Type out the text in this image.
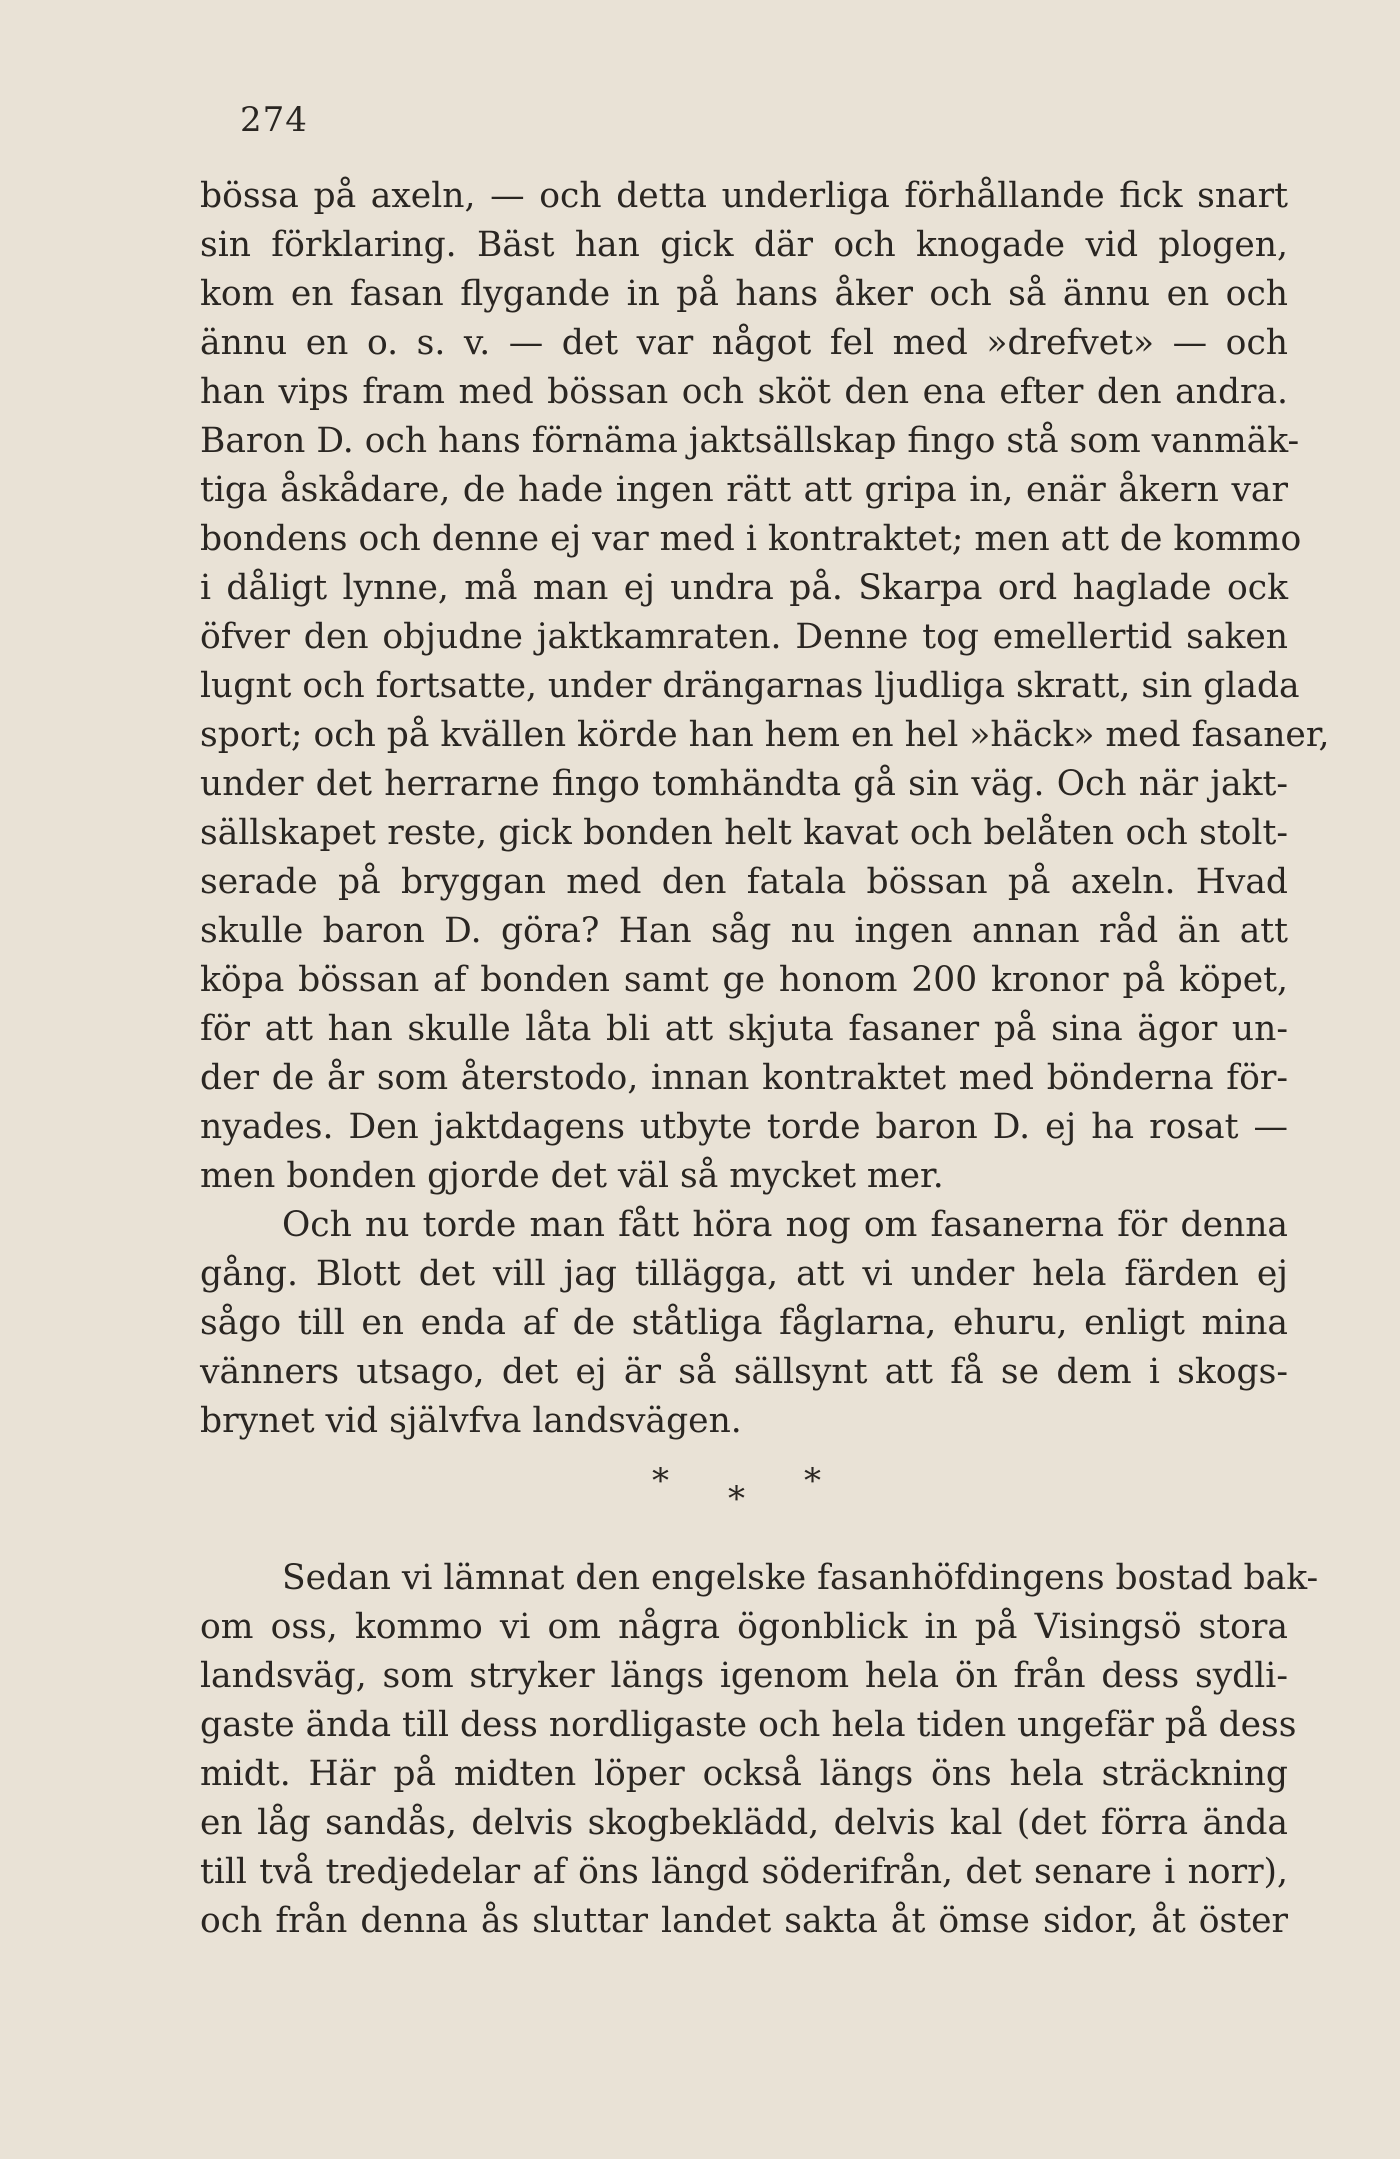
274
bössa på axeln, — och detta underliga förhållande fick snart
sin förklaring. Bäst han gick där och knogade vid plogen,
kom en fasan flygande in på hans åker och så ännu en och
ännu en o. s. v. — det var något fel med »drefvet» — och
han vips fram med bössan och sköt den ena efter den andra.
Baron D. och hans förnäma jaktsällskap fingo stå som vanmäk-
tiga åskådare, de hade ingen rätt att gripa in, enär åkern var
bondens och denne ej var med i kontraktet; men att de kommo
i dåligt lynne, må man ej undra på. Skarpa ord haglade ock
öfver den objudne jaktkamraten. Denne tog emellertid saken
lugnt och fortsatte, under drängarnas ljudliga skratt, sin glada
sport; och på kvällen körde han hem en hel »häck» med fasaner,
under det herrarne fingo tomhändta gå sin väg. Och när jakt-
sällskapet reste, gick bonden helt kavat och belåten och stolt-
serade på bryggan med den fatala bössan på axeln. Hvad
skulle baron D. göra? Han såg nu ingen annan råd än att
köpa bössan af bonden samt ge honom 200 kronor på köpet,
för att han skulle låta bli att skjuta fasaner på sina ägor un-
der de år som återstodo, innan kontraktet med bönderna för-
nyades. Den jaktdagens utbyte torde baron D. ej ha rosat —
men bonden gjorde det väl så mycket mer.
Och nu torde man fått höra nog om fasanerna för denna
gång. Blott det vill jag tillägga, att vi under hela färden ej
sågo till en enda af de ståtliga fåglarna, ehuru, enligt mina
vänners utsago, det ej är så sällsynt att få se dem i skogs-
brynet vid självfva landsvägen.
* * *
Sedan vi lämnat den engelske fasanhöfdingens bostad bak-
om oss, kommo vi om några ögonblick in på Visingsö stora
landsväg, som stryker längs igenom hela ön från dess sydli-
gaste ända till dess nordligaste och hela tiden ungefär på dess
midt. Här på midten löper också längs öns hela sträckning
en låg sandås, delvis skogbeklädd, delvis kal (det förra ända
till två tredjedelar af öns längd söderifrån, det senare i norr),
och från denna ås sluttar landet sakta åt ömse sidor, åt öster
